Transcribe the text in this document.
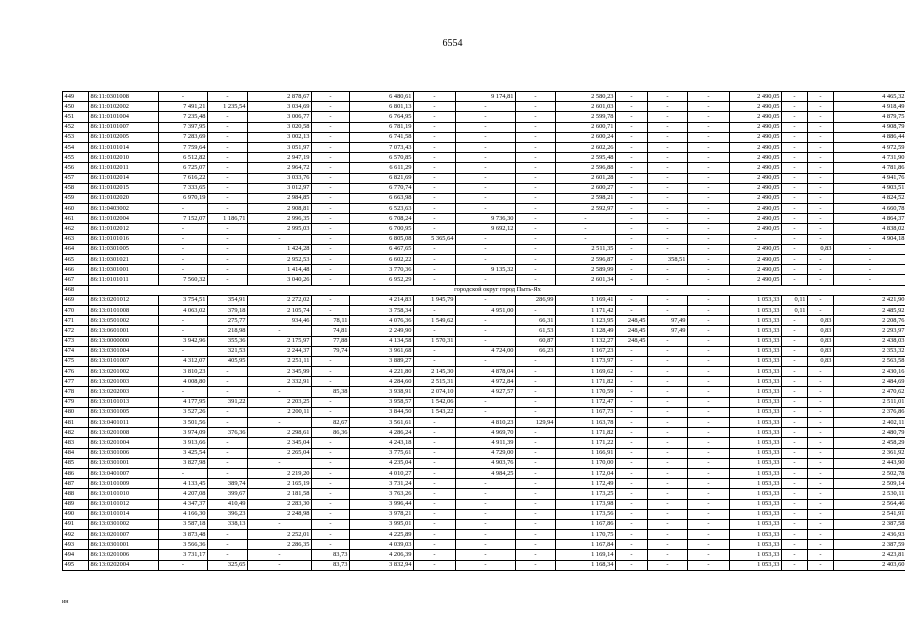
6554
449	86:11:0301008	-	-	2 878,67	-	6 480,61	-	9 174,81	-	2 580,23	-	-	-	2 490,05	-	-	4 465,32
450	86:11:0102002	7 491,21	1 235,54	3 034,69	-	6 801,13	-	-	-	2 601,03	-	-	-	2 490,05	-	-	4 918,49
451	86:11:0101004	7 235,48	-	3 006,77	-	6 764,95	-	-	-	2 599,78	-	-	-	2 490,05	-	-	4 879,75
452	86:11:0101007	7 397,95	-	3 020,58	-	6 781,19	-	-	-	2 600,71	-	-	-	2 490,05	-	-	4 908,79
453	86:11:0102005	7 283,69	-	3 002,13	-	6 741,58	-	-	-	2 600,24	-	-	-	2 490,05	-	-	4 886,44
454	86:11:0101014	7 759,64	-	3 051,97	-	7 073,43	-	-	-	2 602,26	-	-	-	2 490,05	-	-	4 972,59
455	86:11:0102010	6 512,82	-	2 947,19	-	6 570,85	-	-	-	2 595,48	-	-	-	2 490,05	-	-	4 731,90
456	86:11:0102011	6 725,07	-	2 964,72	-	6 611,29	-	-	-	2 596,88	-	-	-	2 490,05	-	-	4 781,86
457	86:11:0102014	7 616,22	-	3 033,76	-	6 821,69	-	-	-	2 601,28	-	-	-	2 490,05	-	-	4 941,76
458	86:11:0102015	7 333,65	-	3 012,97	-	6 770,74	-	-	-	2 600,27	-	-	-	2 490,05	-	-	4 903,51
459	86:11:0102020	6 970,19	-	2 984,85	-	6 663,98	-	-	-	2 598,21	-	-	-	2 490,05	-	-	4 824,52
460	86:11:0403002	-	-	2 908,81	-	6 523,63	-	-	-	2 592,97	-	-	-	2 490,05	-	-	4 660,78
461	86:11:0102004	7 152,07	1 186,71	2 996,35	-	6 708,24	-	9 736,30	-	-	-	-	-	2 490,05	-	-	4 864,37
462	86:11:0102012	-	-	2 995,03	-	6 700,95	-	9 692,12	-	-	-	-	-	2 490,05	-	-	4 838,02
463	86:11:0101016	-	-	-	-	6 805,08	5 365,64	-	-	-	-	-	-	-	-	-	4 904,18
464	86:11:0301005	-	-	1 424,28	-	6 467,65	-	-	-	2 511,35	-	-	-	2 490,05	-	0,83	-
465	86:11:0301021	-	-	2 952,53	-	6 602,22	-	-	-	2 596,87	-	358,51	-	2 490,05	-	-	-
466	86:11:0301001	-	-	1 414,48	-	3 770,36	-	9 135,32	-	2 589,99	-	-	-	2 490,05	-	-	-
467	86:11:0101011	7 560,32	-	3 040,26	-	6 952,29	-	-	-	2 601,34	-	-	-	2 490,05	-	-	-
468	городской округ город Пыть-Ях																
469	86:13:0201012	3 754,51	354,91	2 272,02	-	4 214,83	1 945,79	-	286,99	1 169,41	-	-	-	1 053,33	0,11	-	2 421,90
470	86:13:0101008	4 063,02	379,18	2 105,74	-	3 758,34	-	4 951,00	-	1 171,42	-	-	-	1 053,33	0,11	-	2 485,92
471	86:13:0501002	-	275,77	934,46	78,11	4 076,36	1 549,62	-	66,31	1 123,95	248,45	97,49	-	1 053,33	-	0,83	2 208,76
472	86:13:0601001	-	218,98	-	74,81	2 249,90	-	-	61,53	1 128,49	248,45	97,49	-	1 053,33	-	0,83	2 293,97
473	86:13:0000000	3 942,96	355,36	2 175,97	77,88	4 134,58	1 570,31	-	60,87	1 132,27	248,45	-	-	1 053,33	-	0,83	2 438,03
474	86:13:0301004	-	321,53	2 244,37	79,74	3 961,68	-	4 724,00	66,23	1 167,23	-	-	-	1 053,33	-	0,83	2 353,32
475	86:13:0101007	4 312,07	405,95	2 251,11	-	3 889,27	-	-	-	1 173,97	-	-	-	1 053,33	-	0,83	2 563,58
476	86:13:0201002	3 810,23	-	2 345,99	-	4 221,80	2 145,30	4 878,04	-	1 169,62	-	-	-	1 053,33	-	-	2 430,16
477	86:13:0201003	4 008,80	-	2 332,91	-	4 284,60	2 515,31	4 972,84	-	1 171,82	-	-	-	1 053,33	-	-	2 484,69
478	86:13:0202003	-	-	-	85,38	3 938,91	2 074,10	4 927,57	-	1 170,59	-	-	-	1 053,33	-	-	2 470,62
479	86:13:0101013	4 177,95	391,22	2 203,25	-	3 958,57	1 542,06	-	-	1 172,47	-	-	-	1 053,33	-	-	2 511,01
480	86:13:0301005	3 527,26	-	2 200,11	-	3 844,50	1 543,22	-	-	1 167,73	-	-	-	1 053,33	-	-	2 376,86
481	86:13:0401011	3 501,56	-	-	82,67	3 561,61	-	4 810,23	129,94	1 163,78	-	-	-	1 053,33	-	-	2 402,11
482	86:13:0201008	3 974,09	376,36	2 298,61	86,36	4 286,24	-	4 969,70	-	1 171,82	-	-	-	1 053,33	-	-	2 480,79
483	86:13:0201004	3 913,66	-	2 345,04	-	4 243,18	-	4 911,39	-	1 171,22	-	-	-	1 053,33	-	-	2 458,29
484	86:13:0301006	3 425,54	-	2 265,04	-	3 775,61	-	4 729,00	-	1 166,91	-	-	-	1 053,33	-	-	2 361,92
485	86:13:0301001	3 827,98	-	-	-	4 235,04	-	4 903,76	-	1 170,00	-	-	-	1 053,33	-	-	2 443,90
486	86:13:0401007	-	-	2 219,20	-	4 010,27	-	4 984,25	-	1 172,04	-	-	-	1 053,33	-	-	2 502,78
487	86:13:0101009	4 133,45	389,74	2 165,19	-	3 731,24	-	-	-	1 172,49	-	-	-	1 053,33	-	-	2 509,14
488	86:13:0101010	4 207,08	399,67	2 181,58	-	3 763,26	-	-	-	1 173,25	-	-	-	1 053,33	-	-	2 530,11
489	86:13:0101012	4 347,37	410,49	2 283,30	-	3 996,44	-	-	-	1 173,98	-	-	-	1 053,33	-	-	2 564,46
490	86:13:0101014	4 166,30	396,23	2 248,98	-	3 978,21	-	-	-	1 173,56	-	-	-	1 053,33	-	-	2 541,91
491	86:13:0301002	3 587,18	338,13	-	-	3 995,01	-	-	-	1 167,86	-	-	-	1 053,33	-	-	2 387,58
492	86:13:0201007	3 873,48	-	2 252,01	-	4 225,89	-	-	-	1 170,75	-	-	-	1 053,33	-	-	2 436,93
493	86:13:0301001	3 566,36	-	2 286,35	-	4 039,03	-	-	-	1 167,84	-	-	-	1 053,33	-	-	2 387,59
494	86:13:0201006	3 731,17	-	-	83,73	4 206,39	-	-	-	1 169,14	-	-	-	1 053,33	-	-	2 423,81
495	86:13:0202004	-	325,65	-	83,73	3 832,94	-	-	-	1 168,34	-	-	-	1 053,33	-	-	2 403,60
ин
